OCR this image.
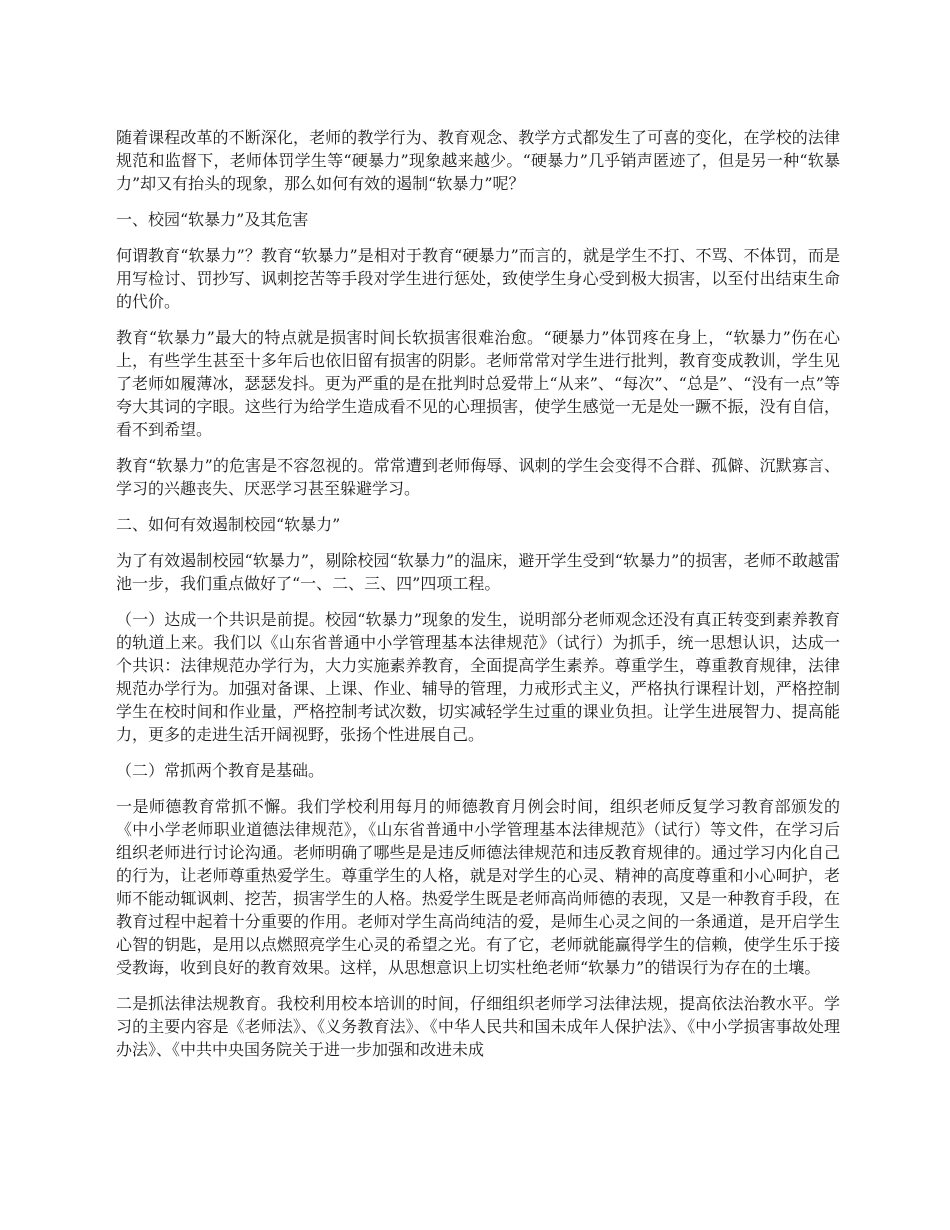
随着课程改革的不断深化，老师的教学行为、教育观念、教学方式都发生了可喜的变化，在学校的法律规范和监督下，老师体罚学生等“硬暴力”现象越来越少。“硬暴力”几乎销声匿迹了，但是另一种“软暴力”却又有抬头的现象，那么如何有效的遏制“软暴力”呢？

一、校园“软暴力”及其危害

何谓教育“软暴力”？教育“软暴力”是相对于教育“硬暴力”而言的，就是学生不打、不骂、不体罚，而是用写检讨、罚抄写、讽刺挖苦等手段对学生进行惩处，致使学生身心受到极大损害，以至付出结束生命的代价。

教育“软暴力”最大的特点就是损害时间长软损害很难治愈。“硬暴力”体罚疼在身上，“软暴力”伤在心上，有些学生甚至十多年后也依旧留有损害的阴影。老师常常对学生进行批判，教育变成教训，学生见了老师如履薄冰，瑟瑟发抖。更为严重的是在批判时总爱带上“从来”、“每次”、“总是”、“没有一点”等夸大其词的字眼。这些行为给学生造成看不见的心理损害，使学生感觉一无是处一蹶不振，没有自信，看不到希望。

教育“软暴力”的危害是不容忽视的。常常遭到老师侮辱、讽刺的学生会变得不合群、孤僻、沉默寡言、学习的兴趣丧失、厌恶学习甚至躲避学习。

二、如何有效遏制校园“软暴力”

为了有效遏制校园“软暴力”，剔除校园“软暴力”的温床，避开学生受到“软暴力”的损害，老师不敢越雷池一步，我们重点做好了“一、二、三、四”四项工程。

（一）达成一个共识是前提。校园“软暴力”现象的发生，说明部分老师观念还没有真正转变到素养教育的轨道上来。我们以《山东省普通中小学管理基本法律规范》（试行）为抓手，统一思想认识，达成一个共识：法律规范办学行为，大力实施素养教育，全面提高学生素养。尊重学生，尊重教育规律，法律规范办学行为。加强对备课、上课、作业、辅导的管理，力戒形式主义，严格执行课程计划，严格控制学生在校时间和作业量，严格控制考试次数，切实减轻学生过重的课业负担。让学生进展智力、提高能力，更多的走进生活开阔视野，张扬个性进展自己。

（二）常抓两个教育是基础。

一是师德教育常抓不懈。我们学校利用每月的师德教育月例会时间，组织老师反复学习教育部颁发的《中小学老师职业道德法律规范》，《山东省普通中小学管理基本法律规范》（试行）等文件，在学习后组织老师进行讨论沟通。老师明确了哪些是是违反师德法律规范和违反教育规律的。通过学习内化自己的行为，让老师尊重热爱学生。尊重学生的人格，就是对学生的心灵、精神的高度尊重和小心呵护，老师不能动辄讽刺、挖苦，损害学生的人格。热爱学生既是老师高尚师德的表现，又是一种教育手段，在教育过程中起着十分重要的作用。老师对学生高尚纯洁的爱，是师生心灵之间的一条通道，是开启学生心智的钥匙，是用以点燃照亮学生心灵的希望之光。有了它，老师就能赢得学生的信赖，使学生乐于接受教诲，收到良好的教育效果。这样，从思想意识上切实杜绝老师“软暴力”的错误行为存在的土壤。

二是抓法律法规教育。我校利用校本培训的时间，仔细组织老师学习法律法规，提高依法治教水平。学习的主要内容是《老师法》、《义务教育法》、《中华人民共和国未成年人保护法》、《中小学损害事故处理办法》、《中共中央国务院关于进一步加强和改进未成
